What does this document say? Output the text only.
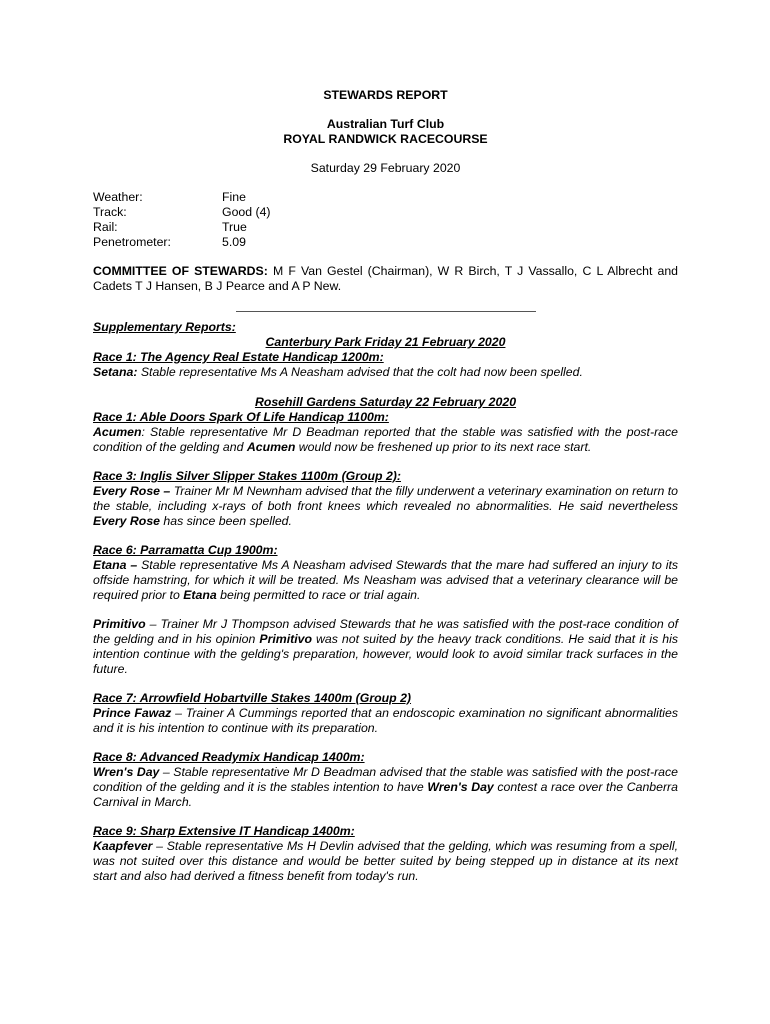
STEWARDS REPORT
Australian Turf Club
ROYAL RANDWICK RACECOURSE
Saturday 29 February 2020
Weather:	Fine
Track:	Good (4)
Rail:	True
Penetrometer:	5.09
COMMITTEE OF STEWARDS: M F Van Gestel (Chairman), W R Birch, T J Vassallo, C L Albrecht and Cadets T J Hansen, B J Pearce and A P New.
Supplementary Reports:
Canterbury Park Friday 21 February 2020
Race 1: The Agency Real Estate Handicap 1200m:
Setana: Stable representative Ms A Neasham advised that the colt had now been spelled.
Rosehill Gardens Saturday 22 February 2020
Race 1: Able Doors Spark Of Life Handicap 1100m:
Acumen: Stable representative Mr D Beadman reported that the stable was satisfied with the post-race condition of the gelding and Acumen would now be freshened up prior to its next race start.
Race 3: Inglis Silver Slipper Stakes 1100m (Group 2):
Every Rose – Trainer Mr M Newnham advised that the filly underwent a veterinary examination on return to the stable, including x-rays of both front knees which revealed no abnormalities. He said nevertheless Every Rose has since been spelled.
Race 6: Parramatta Cup 1900m:
Etana – Stable representative Ms A Neasham advised Stewards that the mare had suffered an injury to its offside hamstring, for which it will be treated. Ms Neasham was advised that a veterinary clearance will be required prior to Etana being permitted to race or trial again.
Primitivo – Trainer Mr J Thompson advised Stewards that he was satisfied with the post-race condition of the gelding and in his opinion Primitivo was not suited by the heavy track conditions. He said that it is his intention continue with the gelding's preparation, however, would look to avoid similar track surfaces in the future.
Race 7: Arrowfield Hobartville Stakes 1400m (Group 2)
Prince Fawaz – Trainer A Cummings reported that an endoscopic examination no significant abnormalities and it is his intention to continue with its preparation.
Race 8: Advanced Readymix Handicap 1400m:
Wren's Day – Stable representative Mr D Beadman advised that the stable was satisfied with the post-race condition of the gelding and it is the stables intention to have Wren's Day contest a race over the Canberra Carnival in March.
Race 9: Sharp Extensive IT Handicap 1400m:
Kaapfever – Stable representative Ms H Devlin advised that the gelding, which was resuming from a spell, was not suited over this distance and would be better suited by being stepped up in distance at its next start and also had derived a fitness benefit from today's run.
